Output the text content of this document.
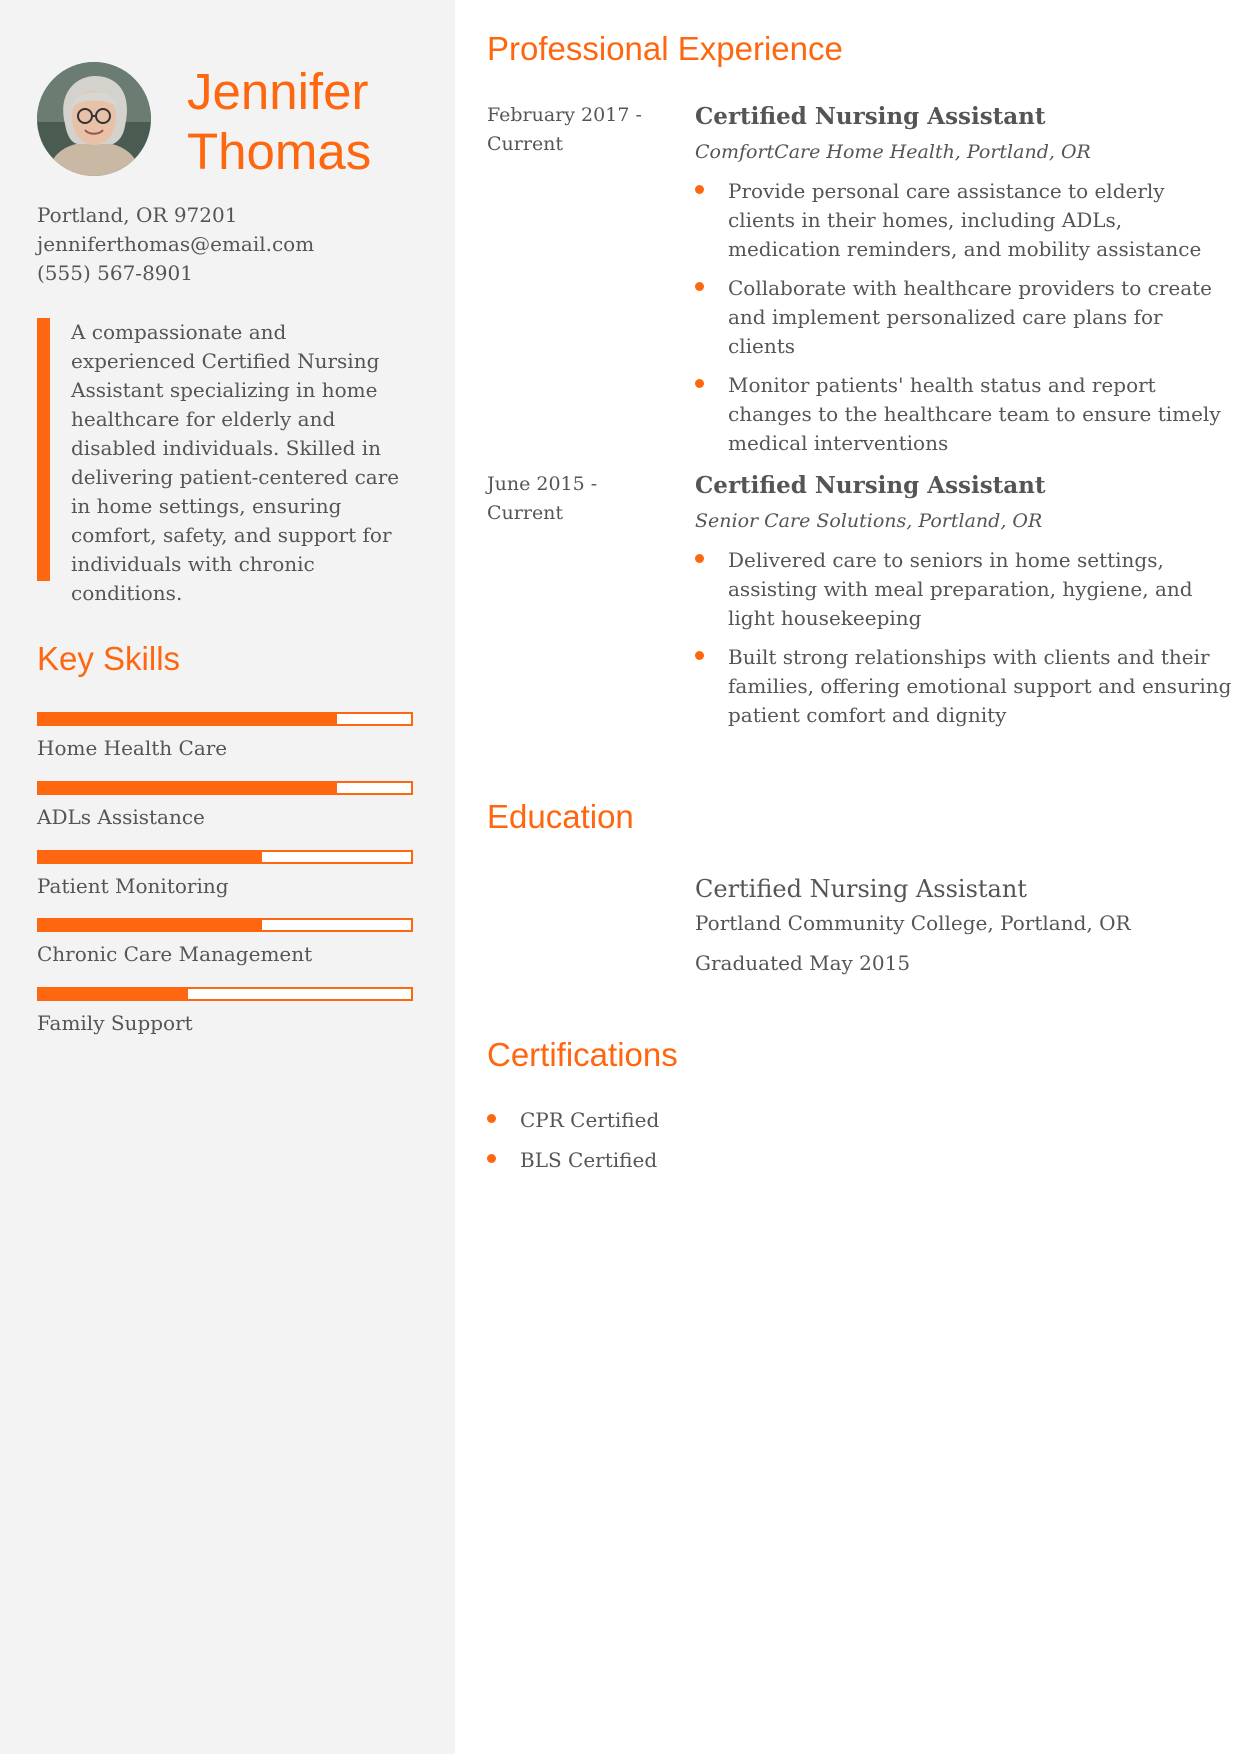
Jennifer
Thomas
Portland, OR 97201
jenniferthomas@email.com
(555) 567-8901
A compassionate and experienced Certified Nursing Assistant specializing in home healthcare for elderly and disabled individuals. Skilled in delivering patient-centered care in home settings, ensuring comfort, safety, and support for individuals with chronic conditions.
Key Skills
Home Health Care
ADLs Assistance
Patient Monitoring
Chronic Care Management
Family Support
Professional Experience
February 2017 - Current
Certified Nursing Assistant
ComfortCare Home Health, Portland, OR
Provide personal care assistance to elderly clients in their homes, including ADLs, medication reminders, and mobility assistance
Collaborate with healthcare providers to create and implement personalized care plans for clients
Monitor patients' health status and report changes to the healthcare team to ensure timely medical interventions
June 2015 - Current
Certified Nursing Assistant
Senior Care Solutions, Portland, OR
Delivered care to seniors in home settings, assisting with meal preparation, hygiene, and light housekeeping
Built strong relationships with clients and their families, offering emotional support and ensuring patient comfort and dignity
Education
Certified Nursing Assistant
Portland Community College, Portland, OR
Graduated May 2015
Certifications
CPR Certified
BLS Certified
